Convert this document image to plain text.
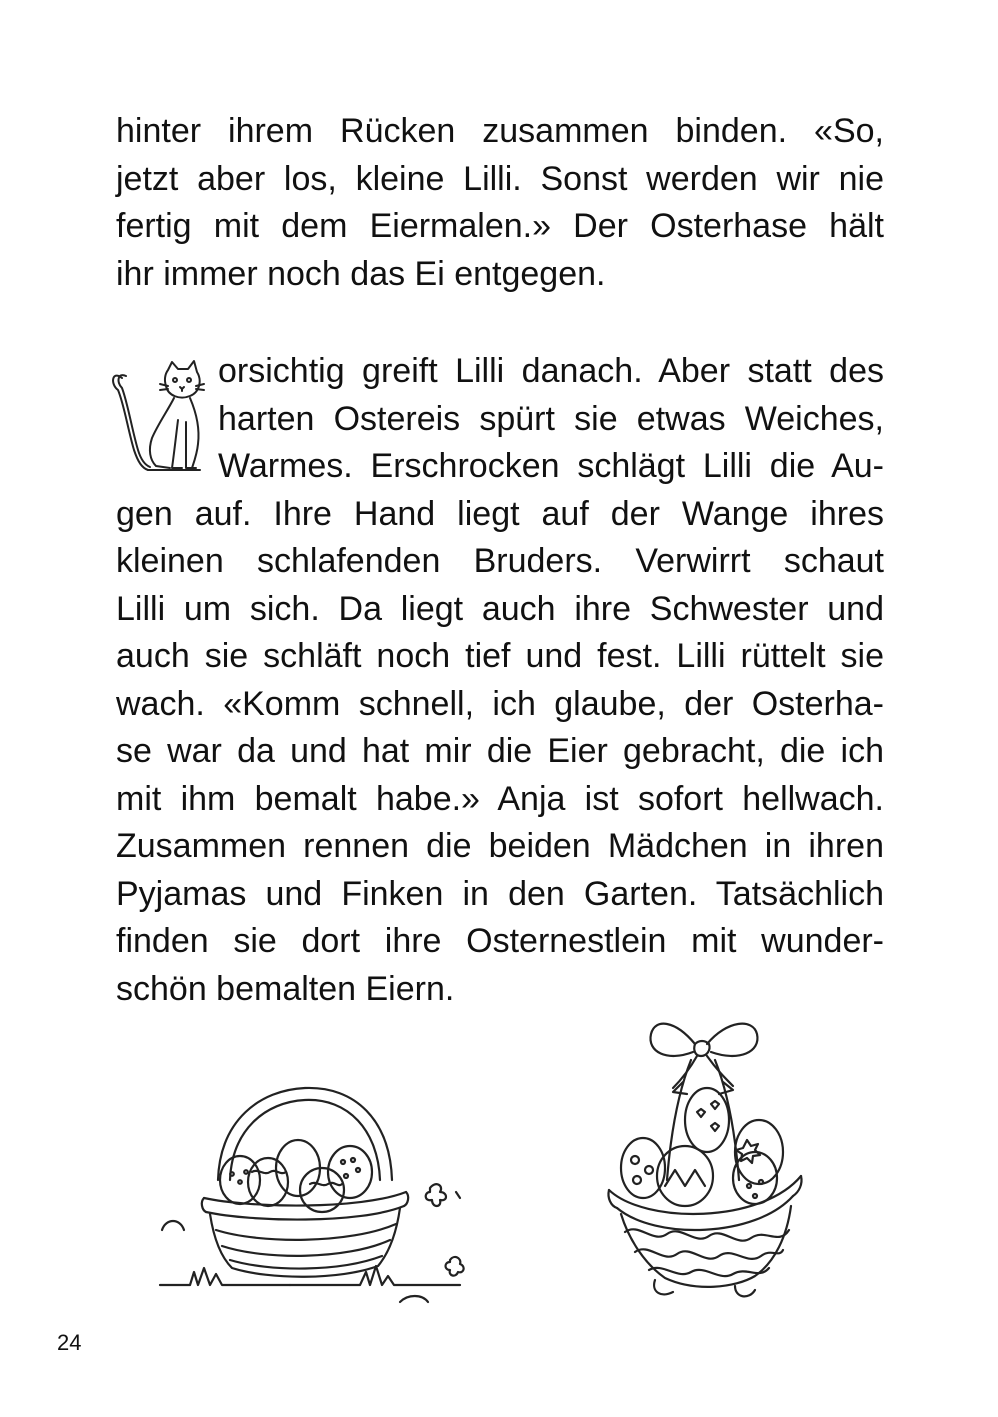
hinter ihrem Rücken zusammen binden. «So,
jetzt aber los, kleine Lilli. Sonst werden wir nie
fertig mit dem Eiermalen.» Der Osterhase hält
ihr immer noch das Ei entgegen.
orsichtig greift Lilli danach. Aber statt des
harten Ostereis spürt sie etwas Weiches,
Warmes. Erschrocken schlägt Lilli die Au-
gen auf. Ihre Hand liegt auf der Wange ihres
kleinen schlafenden Bruders. Verwirrt schaut
Lilli um sich. Da liegt auch ihre Schwester und
auch sie schläft noch tief und fest. Lilli rüttelt sie
wach. «Komm schnell, ich glaube, der Osterha-
se war da und hat mir die Eier gebracht, die ich
mit ihm bemalt habe.» Anja ist sofort hellwach.
Zusammen rennen die beiden Mädchen in ihren
Pyjamas und Finken in den Garten. Tatsächlich
finden sie dort ihre Osternestlein mit wunder-
schön bemalten Eiern.
24
